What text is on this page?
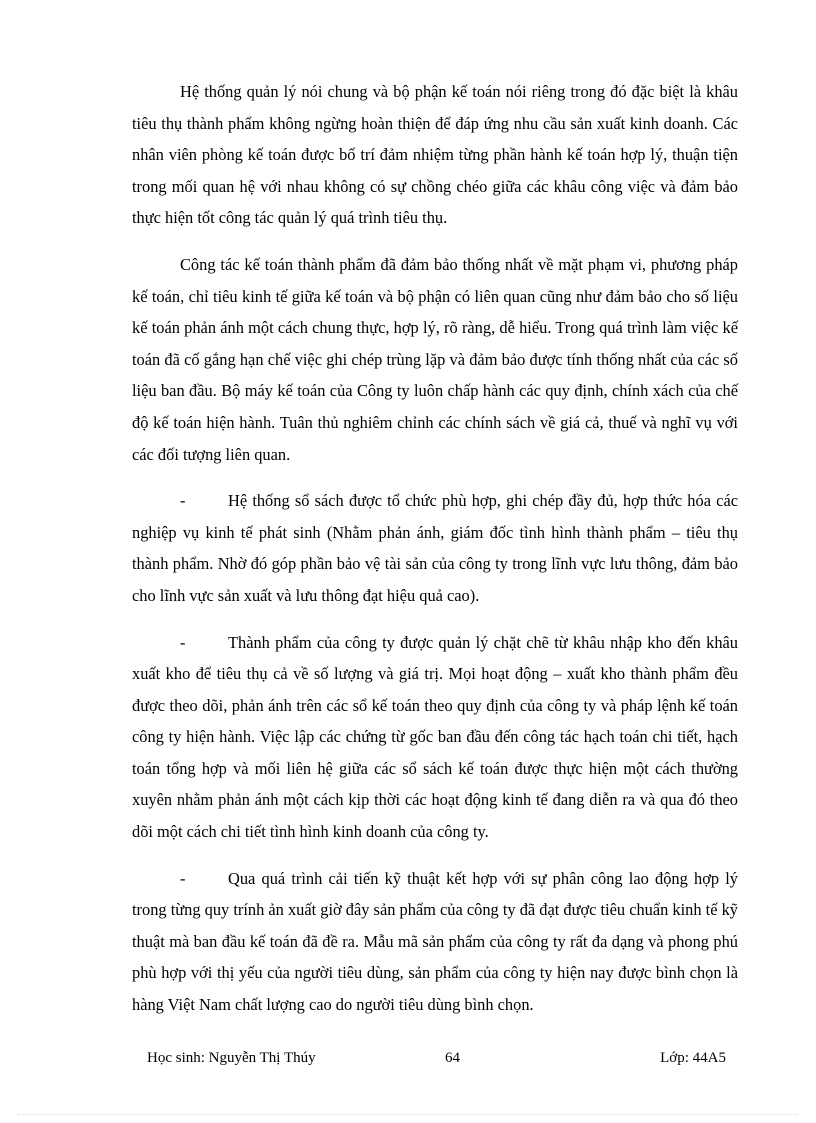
Hệ thống quản lý nói chung và bộ phận kế toán nói riêng trong đó đặc biệt là khâu tiêu thụ thành phẩm không ngừng hoàn thiện để đáp ứng nhu cầu sản xuất kinh doanh. Các nhân viên phòng kế toán được bố trí đảm nhiệm từng phần hành kế toán hợp lý, thuận tiện trong mối quan hệ với nhau không có sự chồng chéo giữa các khâu công việc và đảm bảo thực hiện tốt công tác quản lý quá trình tiêu thụ.

Công tác kế toán thành phẩm đã đảm bảo thống nhất về mặt phạm vi, phương pháp kế toán, chỉ tiêu kinh tế giữa kế toán và bộ phận có liên quan cũng như đảm bảo cho số liệu kế toán phản ánh một cách chung thực, hợp lý, rõ ràng, dễ hiểu. Trong quá trình làm việc kế toán đã cố gắng hạn chế việc ghi chép trùng lặp và đảm bảo được tính thống nhất của các số liệu ban đầu. Bộ máy kế toán của Công ty luôn chấp hành các quy định, chính xách của chế độ kế toán hiện hành. Tuân thủ nghiêm chỉnh các chính sách về giá cả, thuế và nghĩ vụ với các đối tượng liên quan.

-	Hệ thống sổ sách được tổ chức phù hợp, ghi chép đầy đủ, hợp thức hóa các nghiệp vụ kinh tế phát sinh (Nhằm phản ánh, giám đốc tình hình thành phẩm – tiêu thụ thành phẩm. Nhờ đó góp phần bảo vệ tài sản của công ty trong lĩnh vực lưu thông, đảm bảo cho lĩnh vực sản xuất và lưu thông đạt hiệu quả cao).

-	Thành phẩm của công ty được quản lý chặt chẽ từ khâu nhập kho đến khâu xuất kho để tiêu thụ cả về số lượng và giá trị. Mọi hoạt động – xuất kho thành phẩm đều được theo dõi, phản ánh trên các sổ kế toán theo quy định của công ty và pháp lệnh kế toán công ty hiện hành. Việc lập các chứng từ gốc ban đầu đến công tác hạch toán chi tiết, hạch toán tổng hợp và mối liên hệ giữa các sổ sách kế toán được thực hiện một cách thường xuyên nhằm phản ánh một cách kịp thời các hoạt động kinh tế đang diễn ra và qua đó theo dõi một cách chi tiết tình hình kinh doanh của công ty.

-	Qua quá trình cải tiến kỹ thuật kết hợp với sự phân công lao động hợp lý trong từng quy trính ản xuất giờ đây sản phẩm của công ty đã đạt được tiêu chuẩn kinh tế kỹ thuật mà ban đầu kế toán đã đề ra. Mẫu mã sản phẩm của công ty rất đa dạng và phong phú phù hợp với thị yếu của người tiêu dùng, sản phẩm của công ty hiện nay được bình chọn là hàng Việt Nam chất lượng cao do người tiêu dùng bình chọn.

Học sinh: Nguyễn Thị Thúy	64	Lớp: 44A5
